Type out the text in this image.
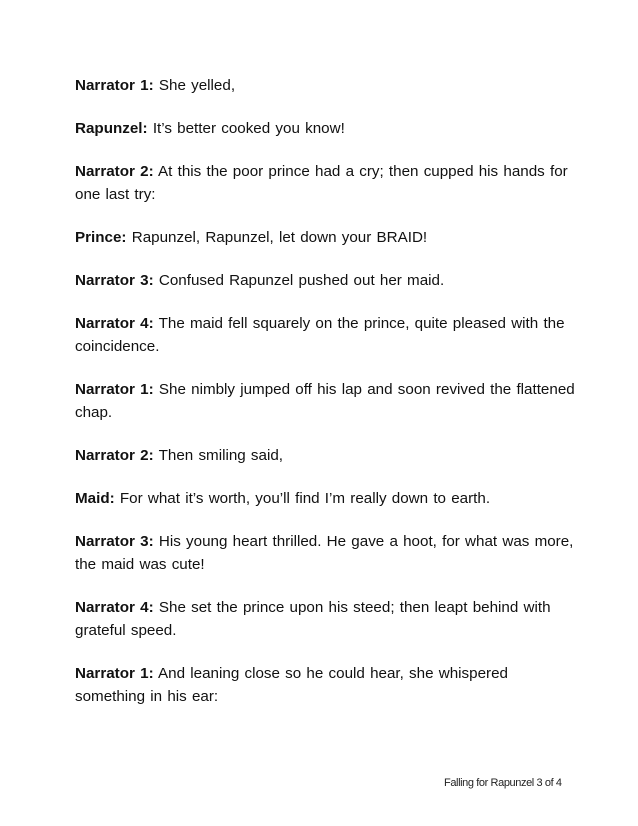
Narrator 1: She yelled,

Rapunzel: It’s better cooked you know!

Narrator 2: At this the poor prince had a cry; then cupped his hands for one last try:

Prince: Rapunzel, Rapunzel, let down your BRAID!

Narrator 3: Confused Rapunzel pushed out her maid.

Narrator 4: The maid fell squarely on the prince, quite pleased with the coincidence.

Narrator 1: She nimbly jumped off his lap and soon revived the flattened chap.

Narrator 2: Then smiling said,

Maid: For what it’s worth, you’ll find I’m really down to earth.

Narrator 3: His young heart thrilled. He gave a hoot, for what was more, the maid was cute!

Narrator 4: She set the prince upon his steed; then leapt behind with grateful speed.

Narrator 1: And leaning close so he could hear, she whispered something in his ear:

Falling for Rapunzel 3 of 4
